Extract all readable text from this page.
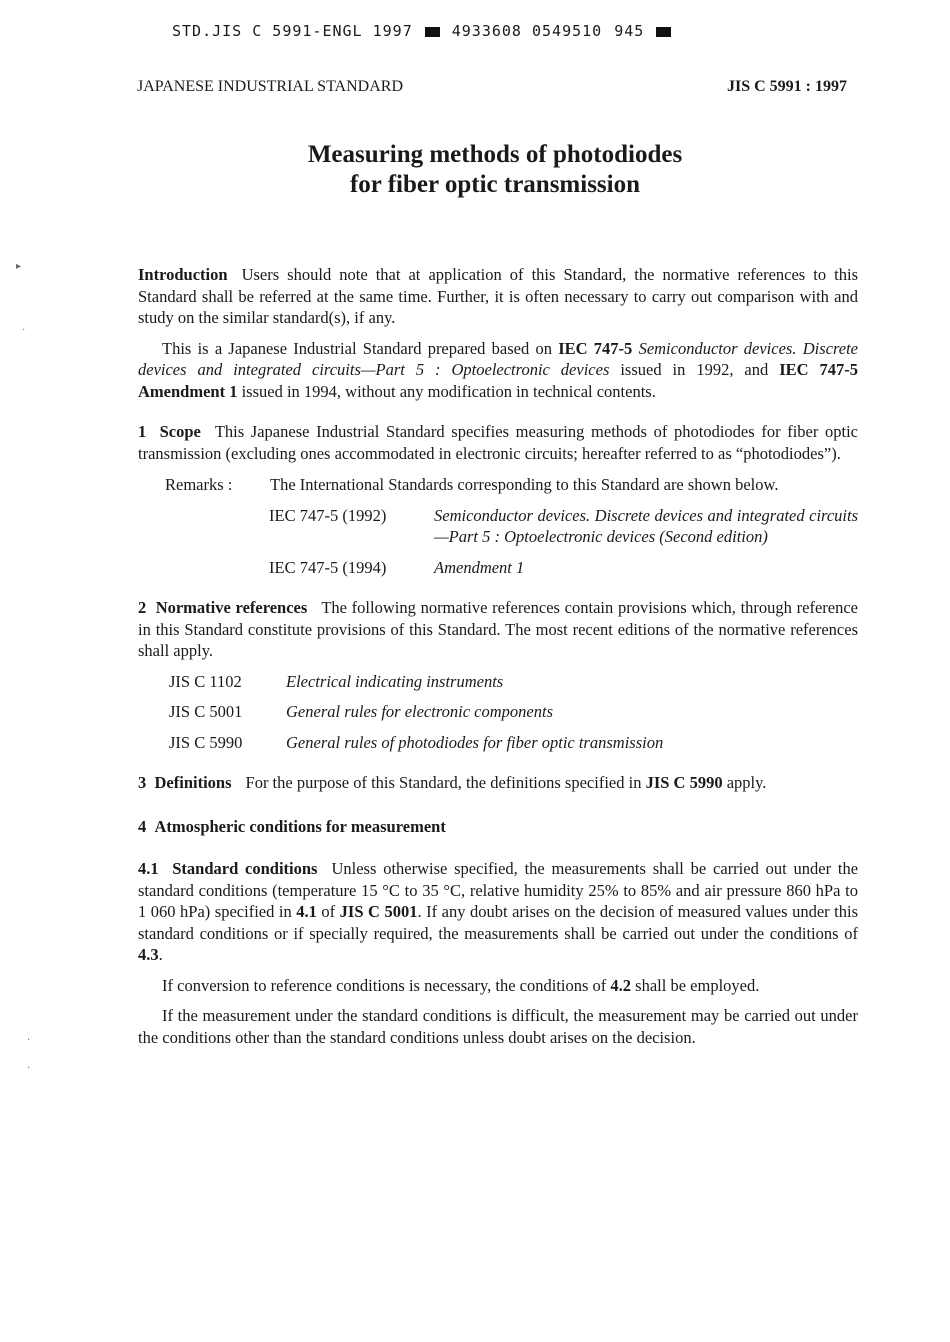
STD.JIS C 5991-ENGL 1997	4933608 0549510 945
JAPANESE INDUSTRIAL STANDARD	JIS C 5991 : 1997
Measuring methods of photodiodes
for fiber optic transmission
▸
·
·
·

Introduction Users should note that at application of this Standard, the normative references to this Standard shall be referred at the same time. Further, it is often necessary to carry out comparison with and study on the similar standard(s), if any.

This is a Japanese Industrial Standard prepared based on IEC 747-5 Semiconductor devices. Discrete devices and integrated circuits—Part 5 : Optoelectronic devices issued in 1992, and IEC 747-5 Amendment 1 issued in 1994, without any modification in technical contents.

1 Scope This Japanese Industrial Standard specifies measuring methods of photodiodes for fiber optic transmission (excluding ones accommodated in electronic circuits; hereafter referred to as “photodiodes”).

Remarks :	The International Standards corresponding to this Standard are shown below.
IEC 747-5 (1992)	Semiconductor devices. Discrete devices and integrated circuits—Part 5 : Optoelectronic devices (Second edition)
IEC 747-5 (1994)	Amendment 1

2 Normative references The following normative references contain provisions which, through reference in this Standard constitute provisions of this Standard. The most recent editions of the normative references shall apply.

JIS C 1102	Electrical indicating instruments
JIS C 5001	General rules for electronic components
JIS C 5990	General rules of photodiodes for fiber optic transmission

3 Definitions For the purpose of this Standard, the definitions specified in JIS C 5990 apply.

4 Atmospheric conditions for measurement

4.1 Standard conditions Unless otherwise specified, the measurements shall be carried out under the standard conditions (temperature 15 °C to 35 °C, relative humidity 25% to 85% and air pressure 860 hPa to 1 060 hPa) specified in 4.1 of JIS C 5001. If any doubt arises on the decision of measured values under this standard conditions or if specially required, the measurements shall be carried out under the conditions of 4.3.

If conversion to reference conditions is necessary, the conditions of 4.2 shall be employed.

If the measurement under the standard conditions is difficult, the measurement may be carried out under the conditions other than the standard conditions unless doubt arises on the decision.
